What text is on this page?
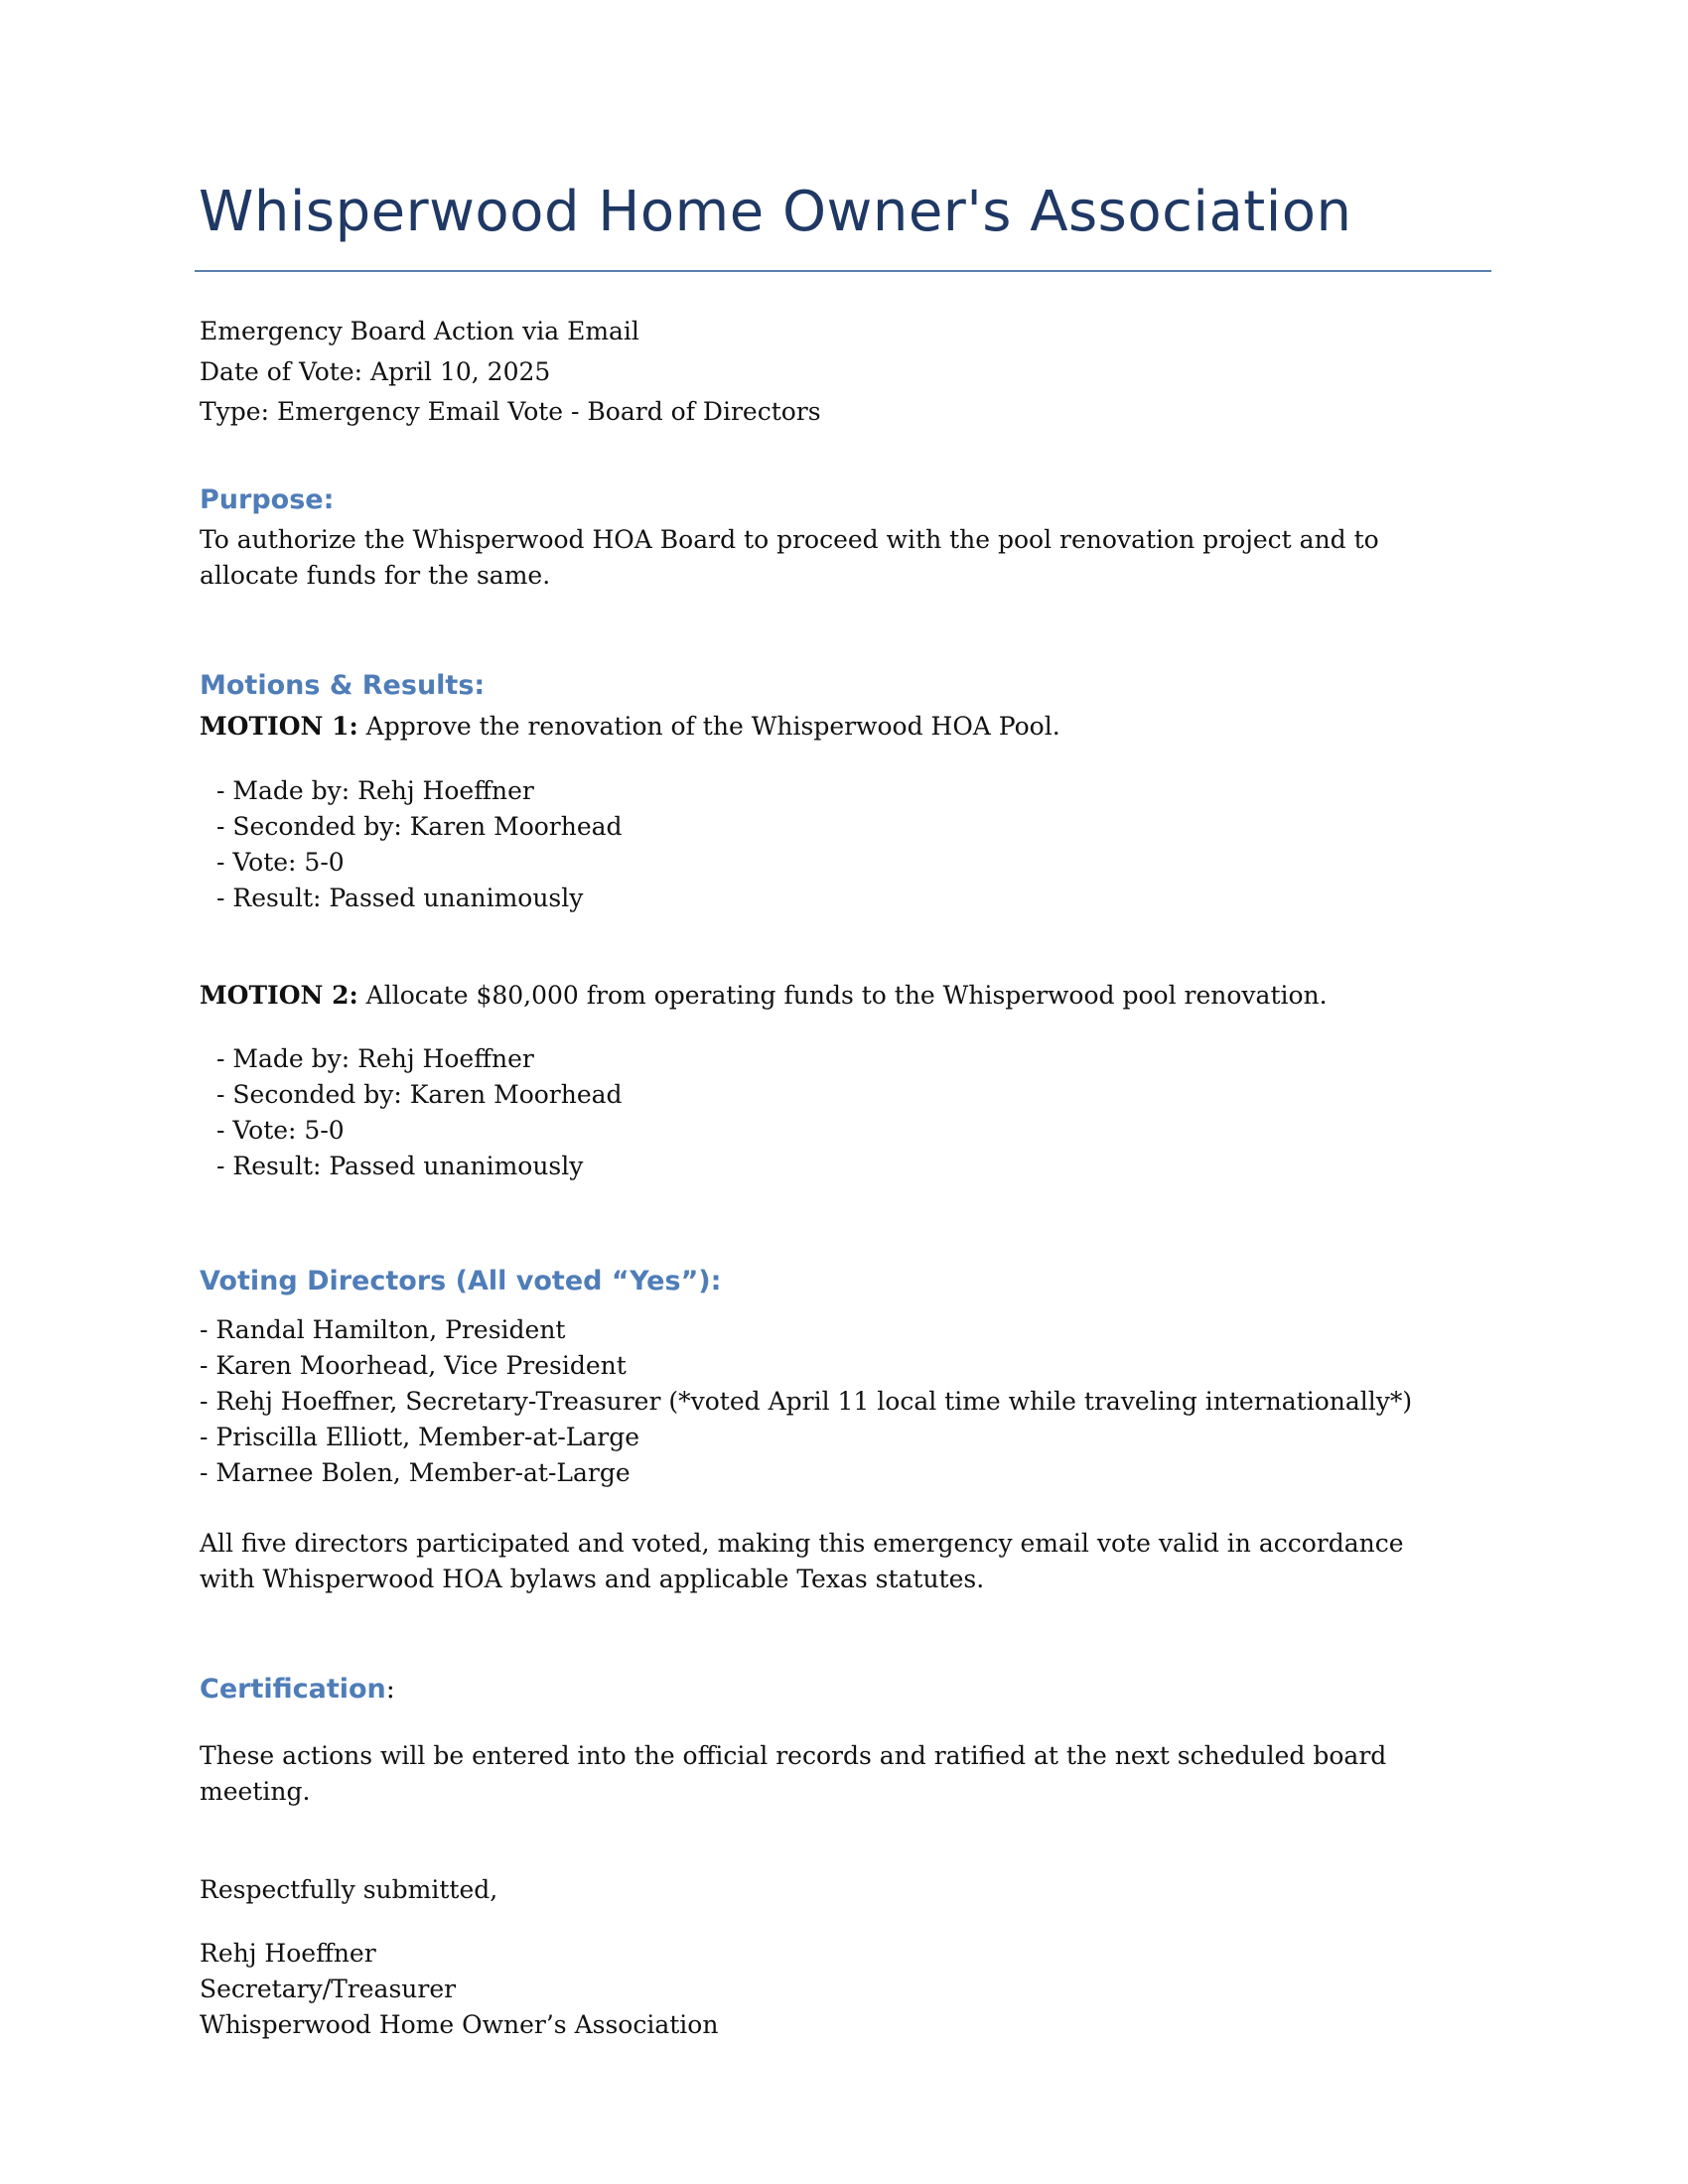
Whisperwood Home Owner's Association
Emergency Board Action via Email
Date of Vote: April 10, 2025
Type: Emergency Email Vote - Board of Directors
Purpose:
To authorize the Whisperwood HOA Board to proceed with the pool renovation project and to
allocate funds for the same.
Motions & Results:
MOTION 1: Approve the renovation of the Whisperwood HOA Pool.
- Made by: Rehj Hoeffner
- Seconded by: Karen Moorhead
- Vote: 5-0
- Result: Passed unanimously
MOTION 2: Allocate $80,000 from operating funds to the Whisperwood pool renovation.
- Made by: Rehj Hoeffner
- Seconded by: Karen Moorhead
- Vote: 5-0
- Result: Passed unanimously
Voting Directors (All voted “Yes”):
- Randal Hamilton, President
- Karen Moorhead, Vice President
- Rehj Hoeffner, Secretary-Treasurer (*voted April 11 local time while traveling internationally*)
- Priscilla Elliott, Member-at-Large
- Marnee Bolen, Member-at-Large
All five directors participated and voted, making this emergency email vote valid in accordance
with Whisperwood HOA bylaws and applicable Texas statutes.
Certification:
These actions will be entered into the official records and ratified at the next scheduled board
meeting.
Respectfully submitted,
Rehj Hoeffner
Secretary/Treasurer
Whisperwood Home Owner’s Association
